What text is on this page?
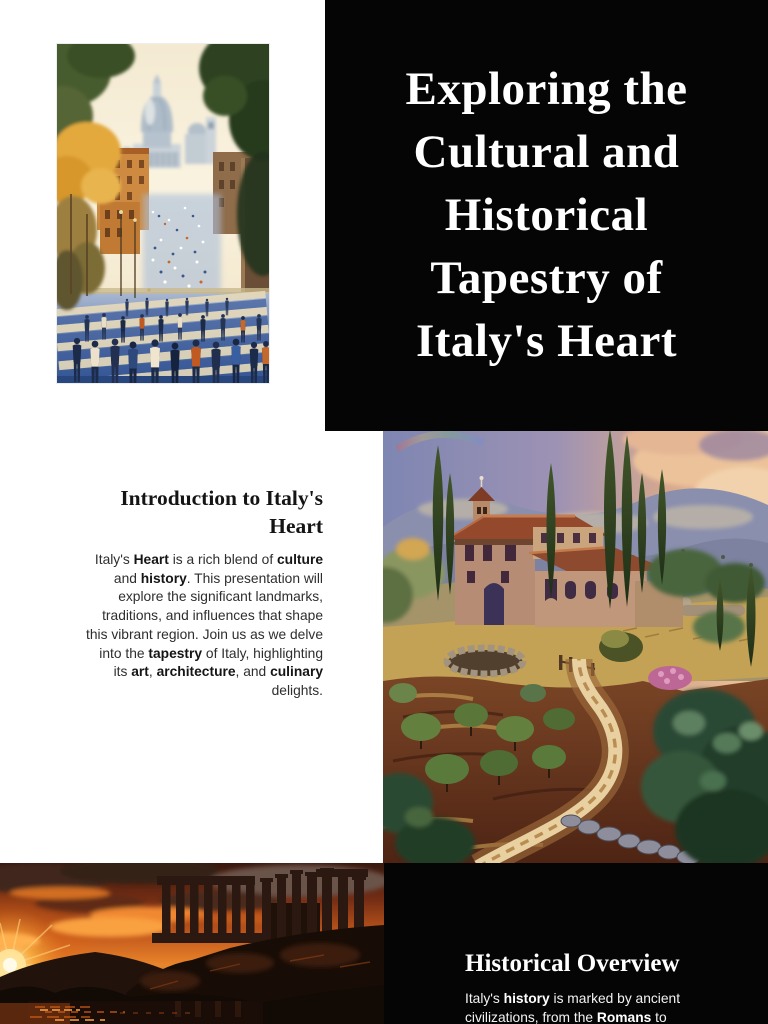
Exploring the
Cultural and
Historical
Tapestry of
Italy's Heart
Introduction to Italy's
Heart
Italy's Heart is a rich blend of culture
and history. This presentation will
explore the significant landmarks,
traditions, and influences that shape
this vibrant region. Join us as we delve
into the tapestry of Italy, highlighting
its art, architecture, and culinary
delights.
Historical Overview
Italy's history is marked by ancient
civilizations, from the Romans to
